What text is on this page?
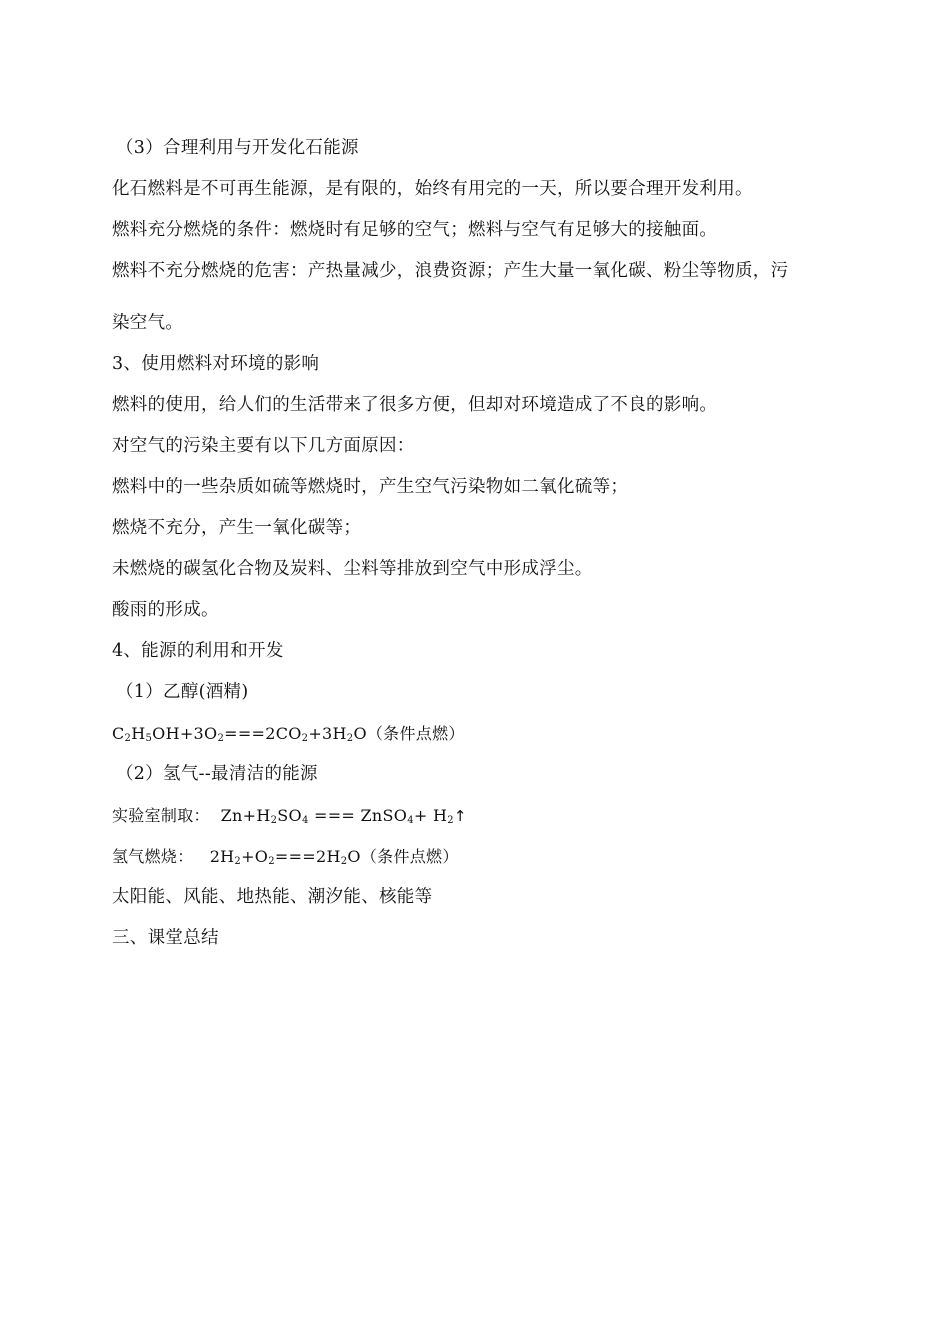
（3）合理利用与开发化石能源
化石燃料是不可再生能源，是有限的，始终有用完的一天，所以要合理开发利用。
燃料充分燃烧的条件：燃烧时有足够的空气；燃料与空气有足够大的接触面。
燃料不充分燃烧的危害：产热量减少，浪费资源；产生大量一氧化碳、粉尘等物质，污
染空气。
3、使用燃料对环境的影响
燃料的使用，给人们的生活带来了很多方便，但却对环境造成了不良的影响。
对空气的污染主要有以下几方面原因：
燃料中的一些杂质如硫等燃烧时，产生空气污染物如二氧化硫等；
燃烧不充分，产生一氧化碳等；
未燃烧的碳氢化合物及炭料、尘料等排放到空气中形成浮尘。
酸雨的形成。
4、能源的利用和开发
（1）乙醇(酒精)
$C_2H_5OH+3O_2===2CO_2+3H_2O$（条件点燃）
（2）氢气--最清洁的能源
实验室制取： $Zn+H_2SO_4$ === ZnSO$_4$+ $H_2↑$
氢气燃烧： $2H_2+O_2===2H_2O$（条件点燃）
太阳能、风能、地热能、潮汐能、核能等
三、课堂总结
